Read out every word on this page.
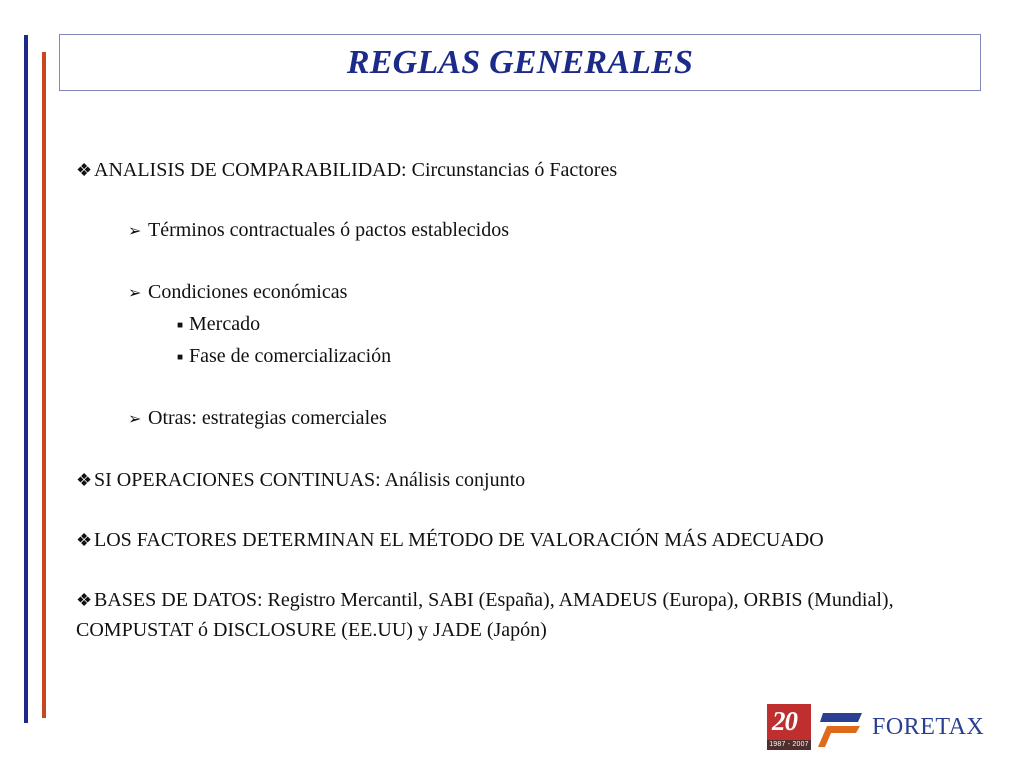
REGLAS GENERALES
❖ANALISIS DE COMPARABILIDAD: Circunstancias ó Factores
➢ Términos contractuales ó pactos establecidos
➢ Condiciones económicas
■ Mercado
■ Fase de comercialización
➢ Otras: estrategias comerciales
❖SI OPERACIONES CONTINUAS: Análisis conjunto
❖LOS FACTORES DETERMINAN EL MÉTODO DE VALORACIÓN MÁS ADECUADO
❖BASES DE DATOS: Registro Mercantil, SABI (España), AMADEUS (Europa), ORBIS (Mundial), COMPUSTAT ó DISCLOSURE (EE.UU) y JADE (Japón)
20
1987 - 2007
FORETAX
